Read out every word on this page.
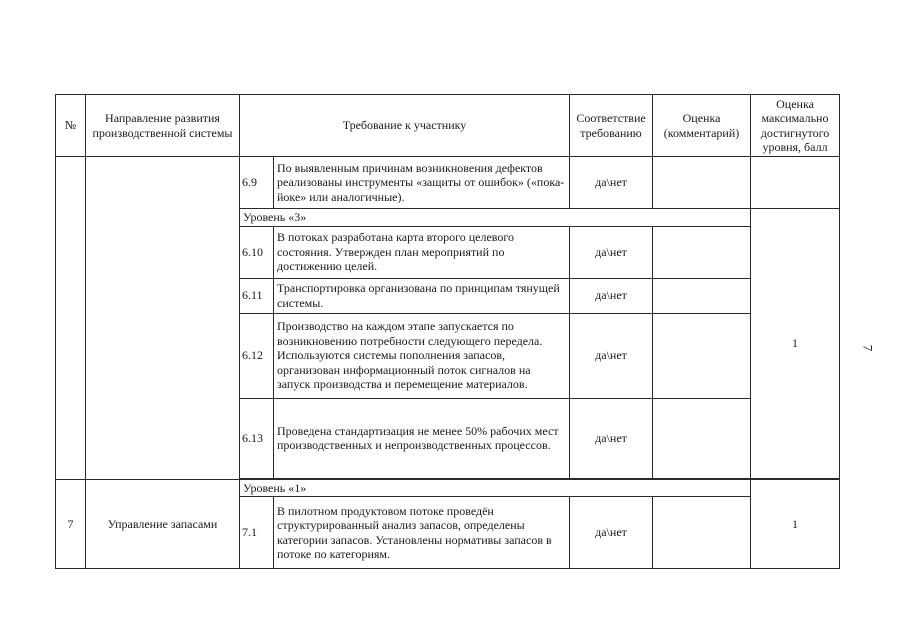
№	Направление развития производственной системы	Требование к участнику		Соответствие требованию	Оценка (комментарий)	Оценка максимально достигнутого уровня, балл
		6.9	По выявленным причинам возникновения дефектов реализованы инструменты «защиты от ошибок» («пока-йоке» или аналогичные).	да\нет		
		Уровень «3»				1
		6.10	В потоках разработана карта второго целевого состояния. Утвержден план мероприятий по достижению целей.	да\нет		
		6.11	Транспортировка организована по принципам тянущей системы.	да\нет		
		6.12	Производство на каждом этапе запускается по возникновению потребности следующего передела. Используются системы пополнения запасов, организован информационный поток сигналов на запуск производства и перемещение материалов.	да\нет		
		6.13	Проведена стандартизация не менее 50% рабочих мест производственных и непроизводственных процессов.	да\нет		

7	Управление запасами	Уровень «1»				1
		7.1	В пилотном продуктовом потоке проведён структурированный анализ запасов, определены категории запасов. Установлены нормативы запасов в потоке по категориям.	да\нет		
7
